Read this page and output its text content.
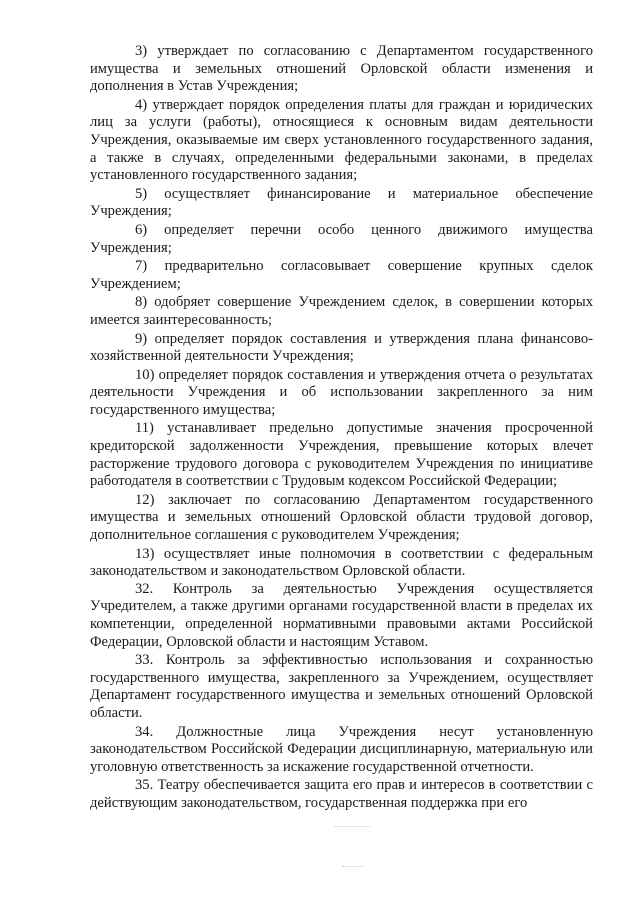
3) утверждает по согласованию с Департаментом государственного имущества и земельных отношений Орловской области изменения и дополнения в Устав Учреждения;

4) утверждает порядок определения платы для граждан и юридических лиц за услуги (работы), относящиеся к основным видам деятельности Учреждения, оказываемые им сверх установленного государственного задания, а также в случаях, определенными федеральными законами, в пределах установленного государственного задания;

5) осуществляет финансирование и материальное обеспечение Учреждения;

6) определяет перечни особо ценного движимого имущества Учреждения;

7) предварительно согласовывает совершение крупных сделок Учреждением;

8) одобряет совершение Учреждением сделок, в совершении которых имеется заинтересованность;

9) определяет порядок составления и утверждения плана финансово-хозяйственной деятельности Учреждения;

10) определяет порядок составления и утверждения отчета о результатах деятельности Учреждения и об использовании закрепленного за ним государственного имущества;

11) устанавливает предельно допустимые значения просроченной кредиторской задолженности Учреждения, превышение которых влечет расторжение трудового договора с руководителем Учреждения по инициативе работодателя в соответствии с Трудовым кодексом Российской Федерации;

12) заключает по согласованию Департаментом государственного имущества и земельных отношений Орловской области трудовой договор, дополнительное соглашения с руководителем Учреждения;

13) осуществляет иные полномочия в соответствии с федеральным законодательством и законодательством Орловской области.

32. Контроль за деятельностью Учреждения осуществляется Учредителем, а также другими органами государственной власти в пределах их компетенции, определенной нормативными правовыми актами Российской Федерации, Орловской области и настоящим Уставом.

33. Контроль за эффективностью использования и сохранностью государственного имущества, закрепленного за Учреждением, осуществляет Департамент государственного имущества и земельных отношений Орловской области.

34. Должностные лица Учреждения несут установленную законодательством Российской Федерации дисциплинарную, материальную или уголовную ответственность за искажение государственной отчетности.

35. Театру обеспечивается защита его прав и интересов в соответствии с действующим законодательством, государственная поддержка при его
